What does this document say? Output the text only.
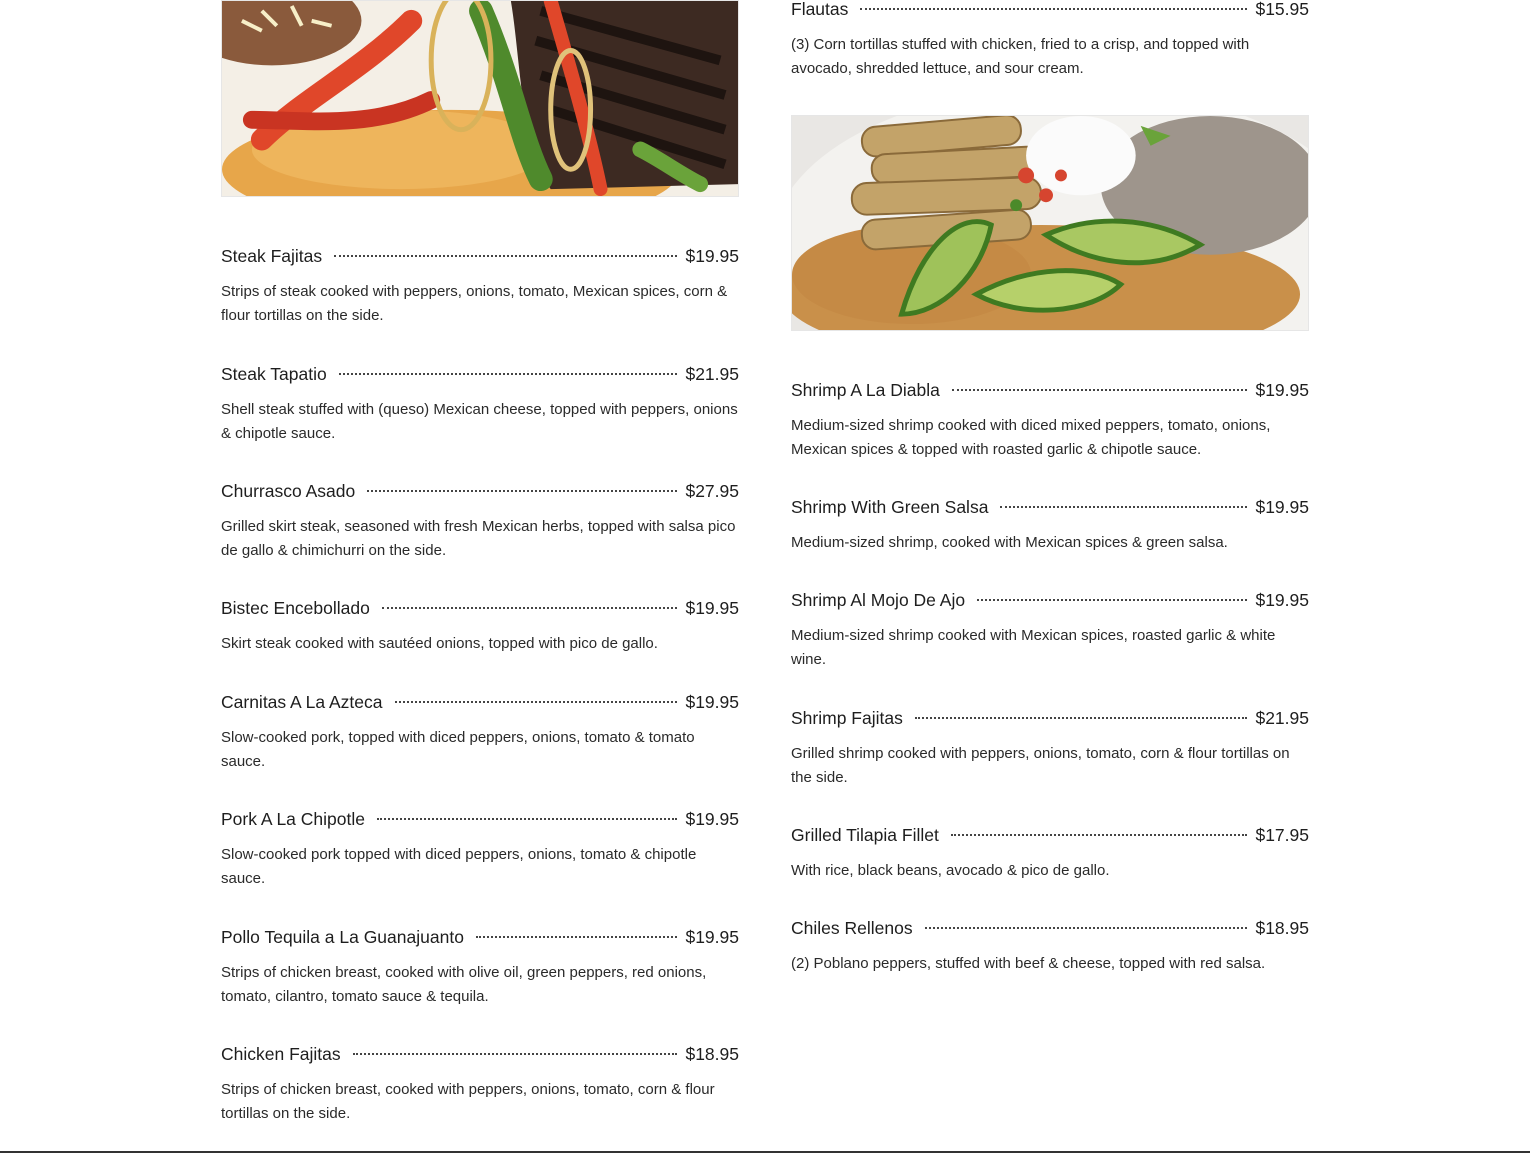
Steak Fajitas	$19.95
Strips of steak cooked with peppers, onions, tomato, Mexican spices, corn & flour tortillas on the side.
Steak Tapatio	$21.95
Shell steak stuffed with (queso) Mexican cheese, topped with peppers, onions & chipotle sauce.
Churrasco Asado	$27.95
Grilled skirt steak, seasoned with fresh Mexican herbs, topped with salsa pico de gallo & chimichurri on the side.
Bistec Encebollado	$19.95
Skirt steak cooked with sautéed onions, topped with pico de gallo.
Carnitas A La Azteca	$19.95
Slow-cooked pork, topped with diced peppers, onions, tomato & tomato sauce.
Pork A La Chipotle	$19.95
Slow-cooked pork topped with diced peppers, onions, tomato & chipotle sauce.
Pollo Tequila a La Guanajuanto	$19.95
Strips of chicken breast, cooked with olive oil, green peppers, red onions, tomato, cilantro, tomato sauce & tequila.
Chicken Fajitas	$18.95
Strips of chicken breast, cooked with peppers, onions, tomato, corn & flour tortillas on the side.
Flautas	$15.95
(3) Corn tortillas stuffed with chicken, fried to a crisp, and topped with avocado, shredded lettuce, and sour cream.
Shrimp A La Diabla	$19.95
Medium-sized shrimp cooked with diced mixed peppers, tomato, onions, Mexican spices & topped with roasted garlic & chipotle sauce.
Shrimp With Green Salsa	$19.95
Medium-sized shrimp, cooked with Mexican spices & green salsa.
Shrimp Al Mojo De Ajo	$19.95
Medium-sized shrimp cooked with Mexican spices, roasted garlic & white wine.
Shrimp Fajitas	$21.95
Grilled shrimp cooked with peppers, onions, tomato, corn & flour tortillas on the side.
Grilled Tilapia Fillet	$17.95
With rice, black beans, avocado & pico de gallo.
Chiles Rellenos	$18.95
(2) Poblano peppers, stuffed with beef & cheese, topped with red salsa.
